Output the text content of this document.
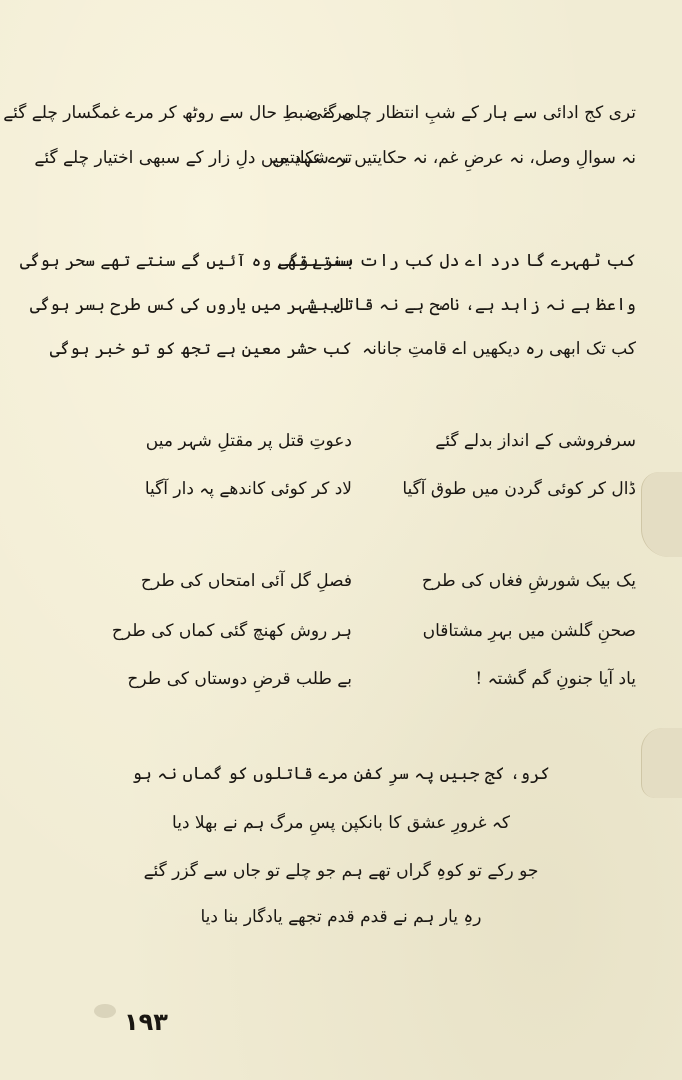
تری کج ادائی سے ہار کے شبِ انتظار چلی گئی
نہ سوالِ وصل، نہ عرضِ غم، نہ حکایتیں نہ شکایتیں
مرے ضبطِ حال سے روٹھ کر مرے غمگسار چلے گئے
ترے عہد میں دلِ زار کے سبھی اختیار چلے گئے
کب ٹھہرے گا درد اے دل کب رات بسر ہوگی
واعظ ہے نہ زاہد ہے، ناصح ہے نہ قاتل ہے
کب تک ابھی رہ دیکھیں اے قامتِ جانانہ
سنتے تھے وہ آئیں گے سنتے تھے سحر ہوگی
اب شہر میں یاروں کی کس طرح بسر ہوگی
کب حشر معین ہے تجھ کو تو خبر ہوگی
سرفروشی کے انداز بدلے گئے
ڈال کر کوئی گردن میں طوق آگیا
دعوتِ قتل پر مقتلِ شہر میں
لاد کر کوئی کاندھے پہ دار آگیا
یک بیک شورشِ فغاں کی طرح
صحنِ گلشن میں بہرِ مشتاقاں
یاد آیا جنونِ گم گشتہ !
فصلِ گل آئی امتحاں کی طرح
ہر روش کھنچ گئی کماں کی طرح
بے طلب قرضِ دوستاں کی طرح
کرو، کج جبیں پہ سرِ کفن مرے قاتلوں کو گماں نہ ہو
کہ غرورِ عشق کا بانکپن پسِ مرگ ہم نے بھلا دیا
جو رکے تو کوہِ گراں تھے ہم جو چلے تو جاں سے گزر گئے
رہِ یار ہم نے قدم قدم تجھے یادگار بنا دیا
۱۹۳
